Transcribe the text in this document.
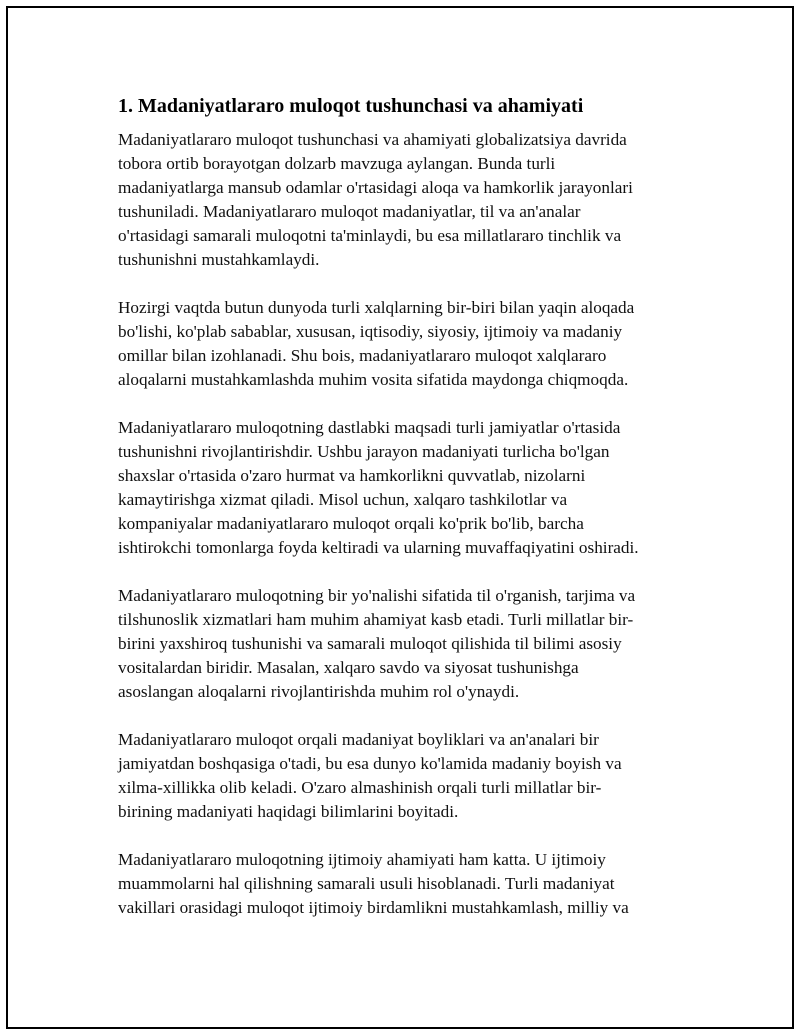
1. Madaniyatlararo muloqot tushunchasi va ahamiyati

Madaniyatlararo muloqot tushunchasi va ahamiyati globalizatsiya davrida
tobora ortib borayotgan dolzarb mavzuga aylangan. Bunda turli
madaniyatlarga mansub odamlar o'rtasidagi aloqa va hamkorlik jarayonlari
tushuniladi. Madaniyatlararo muloqot madaniyatlar, til va an'analar
o'rtasidagi samarali muloqotni ta'minlaydi, bu esa millatlararo tinchlik va
tushunishni mustahkamlaydi.

Hozirgi vaqtda butun dunyoda turli xalqlarning bir-biri bilan yaqin aloqada
bo'lishi, ko'plab sabablar, xususan, iqtisodiy, siyosiy, ijtimoiy va madaniy
omillar bilan izohlanadi. Shu bois, madaniyatlararo muloqot xalqlararo
aloqalarni mustahkamlashda muhim vosita sifatida maydonga chiqmoqda.

Madaniyatlararo muloqotning dastlabki maqsadi turli jamiyatlar o'rtasida
tushunishni rivojlantirishdir. Ushbu jarayon madaniyati turlicha bo'lgan
shaxslar o'rtasida o'zaro hurmat va hamkorlikni quvvatlab, nizolarni
kamaytirishga xizmat qiladi. Misol uchun, xalqaro tashkilotlar va
kompaniyalar madaniyatlararo muloqot orqali ko'prik bo'lib, barcha
ishtirokchi tomonlarga foyda keltiradi va ularning muvaffaqiyatini oshiradi.

Madaniyatlararo muloqotning bir yo'nalishi sifatida til o'rganish, tarjima va
tilshunoslik xizmatlari ham muhim ahamiyat kasb etadi. Turli millatlar bir-
birini yaxshiroq tushunishi va samarali muloqot qilishida til bilimi asosiy
vositalardan biridir. Masalan, xalqaro savdo va siyosat tushunishga
asoslangan aloqalarni rivojlantirishda muhim rol o'ynaydi.

Madaniyatlararo muloqot orqali madaniyat boyliklari va an'analari bir
jamiyatdan boshqasiga o'tadi, bu esa dunyo ko'lamida madaniy boyish va
xilma-xillikka olib keladi. O'zaro almashinish orqali turli millatlar bir-
birining madaniyati haqidagi bilimlarini boyitadi.

Madaniyatlararo muloqotning ijtimoiy ahamiyati ham katta. U ijtimoiy
muammolarni hal qilishning samarali usuli hisoblanadi. Turli madaniyat
vakillari orasidagi muloqot ijtimoiy birdamlikni mustahkamlash, milliy va
